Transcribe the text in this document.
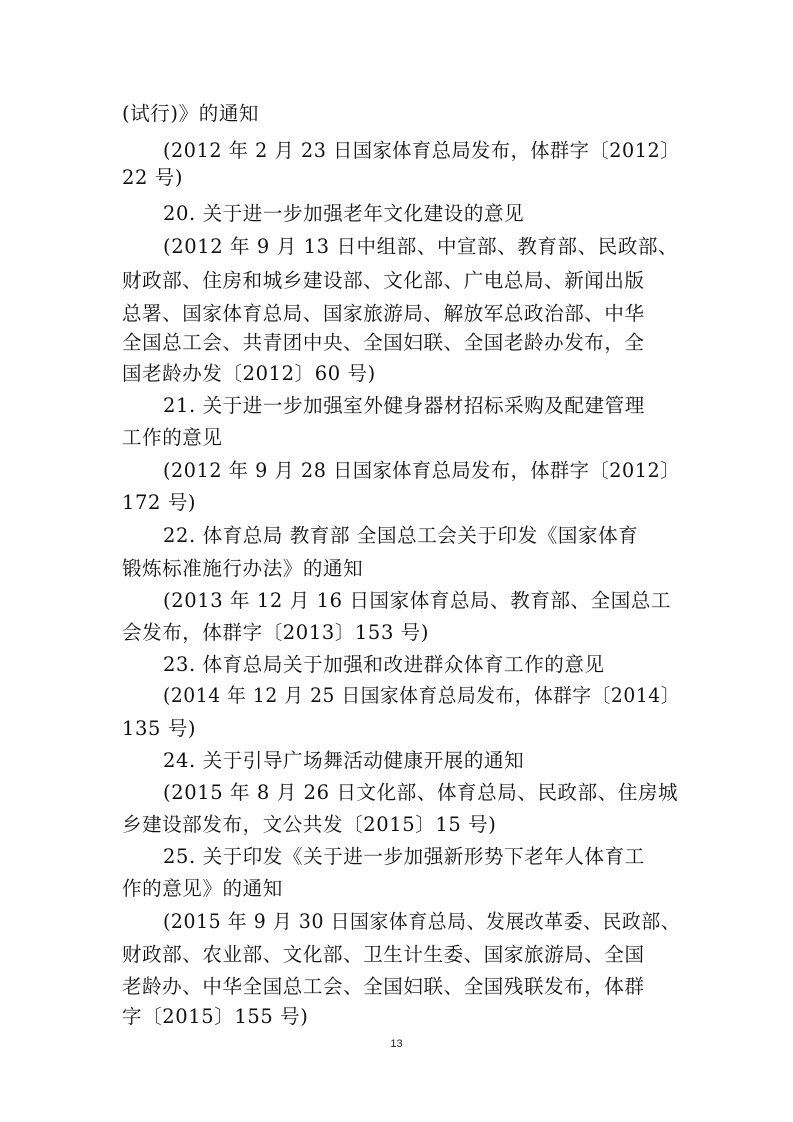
(试行)》的通知
(2012 年 2 月 23 日国家体育总局发布，体群字〔2012〕
22 号)
20. 关于进一步加强老年文化建设的意见
(2012 年 9 月 13 日中组部、中宣部、教育部、民政部、
财政部、住房和城乡建设部、文化部、广电总局、新闻出版
总署、国家体育总局、国家旅游局、解放军总政治部、中华
全国总工会、共青团中央、全国妇联、全国老龄办发布，全
国老龄办发〔2012〕60 号)
21. 关于进一步加强室外健身器材招标采购及配建管理
工作的意见
(2012 年 9 月 28 日国家体育总局发布，体群字〔2012〕
172 号)
22. 体育总局 教育部 全国总工会关于印发《国家体育
锻炼标准施行办法》的通知
(2013 年 12 月 16 日国家体育总局、教育部、全国总工
会发布，体群字〔2013〕153 号)
23. 体育总局关于加强和改进群众体育工作的意见
(2014 年 12 月 25 日国家体育总局发布，体群字〔2014〕
135 号)
24. 关于引导广场舞活动健康开展的通知
(2015 年 8 月 26 日文化部、体育总局、民政部、住房城
乡建设部发布，文公共发〔2015〕15 号)
25. 关于印发《关于进一步加强新形势下老年人体育工
作的意见》的通知
(2015 年 9 月 30 日国家体育总局、发展改革委、民政部、
财政部、农业部、文化部、卫生计生委、国家旅游局、全国
老龄办、中华全国总工会、全国妇联、全国残联发布，体群
字〔2015〕155 号)
13
